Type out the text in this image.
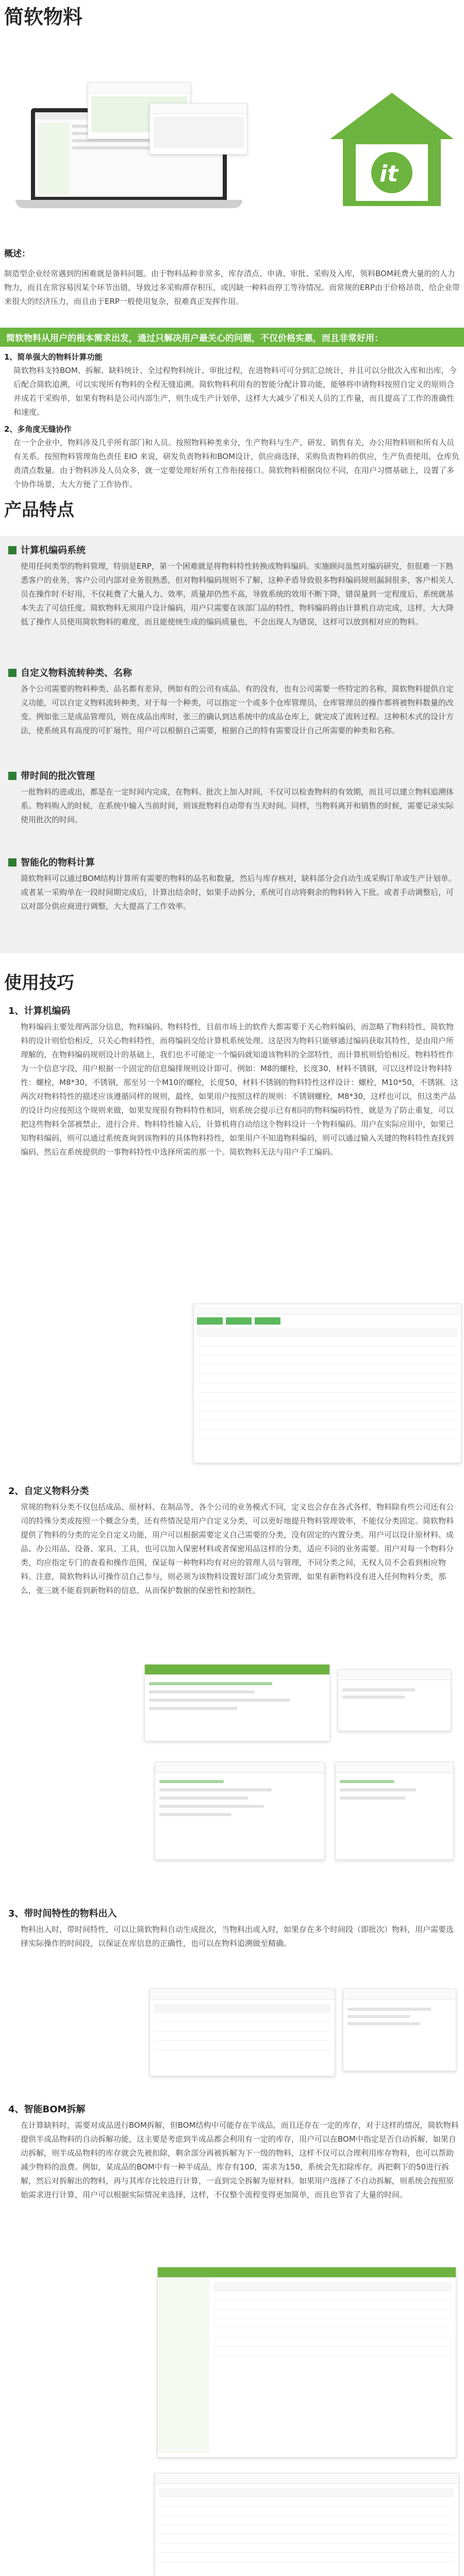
简软物料
it
概述：
制造型企业经常遇到的困难就是备料问题。由于物料品种非常多，库存清点、申请、审批、采购及入库，领料BOM耗费大量的的人力物力，而且在常容易因某个环节出错，导致过多采购滞存积压，或因缺一种料而停工等待情况。而常规的ERP由于价格昂贵，给企业带来很大的经济压力，而且由于ERP一般使用复杂，很难真正发挥作用。
简软物料从用户的根本需求出发，通过只解决用户最关心的问题，不仅价格实惠，而且非常好用：
1、简单强大的物料计算功能
简软物料支持BOM、拆解、缺料统计、全过程物料统计、审批过程，在进物料可可分到汇总统计，并且可以分批次入库和出库，今后配合简软追溯，可以实现所有物料的全程无缝追溯。简软物料利用有的智能分配计算功能，能够将申请物料按照自定义的原则合并成若干采购单，如果有物料是公司内部生产，则生成生产计划单，这样大大减少了相关人员的工作量，而且提高了工作的准确性和速度。
2、多角度无缝协作
在一个企业中，物料涉及几乎所有部门和人员。按照物料种类来分，生产物料与生产、研发、销售有关，办公用物料则和所有人员有关系。按照物料管理角色责任 EIO 来说，研发负责物料和BOM设计，供应商选择，采购负责物料的供应，生产负责使用，仓库负责清点数量。由于物料涉及人员众多，就一定要处理好所有工作衔接接口。简软物料根据岗位不同，在用户习惯基础上，设置了多个协作场景，大大方便了工作协作。
产品特点
计算机编码系统
使用任何类型的物料管理，特别是ERP，第一个困难就是将物料特性转换成物料编码。实施顾问虽然对编码研究，但很难一下熟悉客户的业务，客户公司内部对业务很熟悉，但对物料编码规则不了解，这种矛盾导致很多物料编码规则漏洞很多，客户相关人员在操作时不好用，不仅耗费了大量人力、效率，质量却仍然不高，导致系统的效用不断下降，错误量到一定程度后，系统就基本失去了可信任度。简软物料无须用户设计编码，用户只需要在该部门品的特性，物料编码将由计算机自动完成，这样，大大降低了操作人员使用简软物料的难度，而且能使统生成的编码质量也，不会出现人为错误，这样可以放到相对应的物料。
自定义物料流转种类、名称
各个公司需要的物料种类、品名都有差异，例如有的公司有成品、有的没有，也有公司需要一些特定的名称，简软物料提供自定义功能，可以自定义物料流转种类、对于每一个种类，可以指定一个或多个仓库管理员，仓库管理员的操作都将被物料数量的改变。例如张三是成品管理员，则在成品出库时，张三的确认到达系统中的成品仓库上，就完成了流转过程。这种积木式的设计方法，使系统具有高度的可扩展性，用户可以根据自己需要，根据自己的特有需要设计自己所需要的种类和名称。
带时间的批次管理
一批物料的进或出，都是在一定时间内完成，在物料、批次上加入时间，不仅可以检查物料的有效期，而且可以建立物料追溯体系。物料购入的时候，在系统中输入当前时间，则该批物料自动带有当天时间。同样，当物料离开和销售的时候，需要记录实际使用批次的时间。
智能化的物料计算
简软物料可以通过BOM结构计算所有需要的物料的品名和数量，然后与库存核对，缺料部分会自动生成采购订单或生产计划单。或者某一采购单在一段时间期完成后，计算出结余时，如果手动拆分，系统可自动将剩余的物料转入下批。或者手动调整后，可以对部分供应商进行调整，大大提高了工作效率。
使用技巧
1、计算机编码
物料编码主要处理两部分信息，物料编码、物料特性，目前市场上的软件大都需要于关心物料编码，而忽略了物料特性，简软物料的设计则恰恰相反，只关心物料特性，而将编码交给计算机系统处理。这是因为物料只能够通过编码获取其特性，是由用户所理解的，在物料编码规则设计的基础上，我们也不可能定一个编码就知道该物料的全部特性，而计算机则恰恰相反。物料特性作为一个信息字段，用户根据一个固定的信息编排规则设计即可。例如：M8的螺栓，长度30，材料不锈钢，可以这样设计物料特性：螺栓，M8*30，不锈钢，那至另一个M10的螺栓，长度50，材料不锈钢的物料特性这样设计：螺栓，M10*50，不锈钢。这两次对物料特性的描述应该遵循同样的规则，最终，如果用户按照这样的规则：不锈钢螺栓，M8*30，这样也可以，但这类产品的设计均应按照这个规则来做，如果发现很有物料特性相同，则系统会提示已有相同的物料编码特性，就是为了防止重复，可以把这些物料全部被禁止，进行合并。物料特性输入后，计算机将自动给这个物料设计一个物料编码。用户在实际应用中，如果已知物料编码，则可以通过系统查询到该物料的具体物料特性，如果用户不知道物料编码，则可以通过输入关键的物料特性查找到编码，然后在系统提供的一事物料特性中选择所需的那一个。简软物料无法与用户手工编码。
2、自定义物料分类
常规的物料分类不仅包括成品、原材料、在制品等，各个公司的业务模式不同，定义也会存在各式各样，物料除有些公司还有公司的特殊分类或按照一个概念分类，还有些情况是用户自定义分类，可以更好地提升物料管理效率，不能仅分类固定。简软物料提供了物料的分类的完全自定义功能，用户可以根据需要定义自己需要的分类，没有固定的内置分类。用户可以设计原材料、成品、办公用品、设备、家具、工具，也可以加入保密材料或者保密用品这样的分类，适应不同的业务需要。用户对每一个物料分类，均应指定专门的查看和操作范围，保证每一种物料均有对应的管理人员与管理，不同分类之间，无权人员不会看到相应物料。注意，简软物料认可操作员自己参与，则必须为该物料设置好部门或分类管理，如果有新物料没有进入任何物料分类，那么，张三就不能看到新物料的信息，从而保护数据的保密性和控制性。
3、带时间特性的物料出入
物料出入时，带时间特性，可以让简软物料自动生成批次，当物料出或入时，如果存在多个时间段（即批次）物料，用户需要选择实际操作的时间段，以保证在库信息的正确性，也可以在物料追溯做至精确。
4、智能BOM拆解
在计算缺料时，需要对成品进行BOM拆解，但BOM结构中可能存在半成品，而且还存在一定的库存，对于这样的情况，简软物料提供半成品物料的自动拆解功能，这主要是考虑到半成品都会利用有一定的库存，用户可以在BOM中指定是否自动拆解，如果自动拆解，则半成品物料的库存就会先被扣除，剩余部分再被拆解为下一级的物料，这样不仅可以合理利用库存物料，也可以帮助减少物料的浪费。例如，某成品的BOM中有一种半成品，库存有100，需求为150，系统会先扣除库存，再把剩下的50进行拆解，然后对拆解出的物料，再与其库存比较进行计算，一直到完全拆解为原材料。如果用户选择了不自动拆解，则系统会按照原始需求进行计算，用户可以根据实际情况来选择，这样，不仅整个流程变得更加简单，而且也节省了大量的时间。
